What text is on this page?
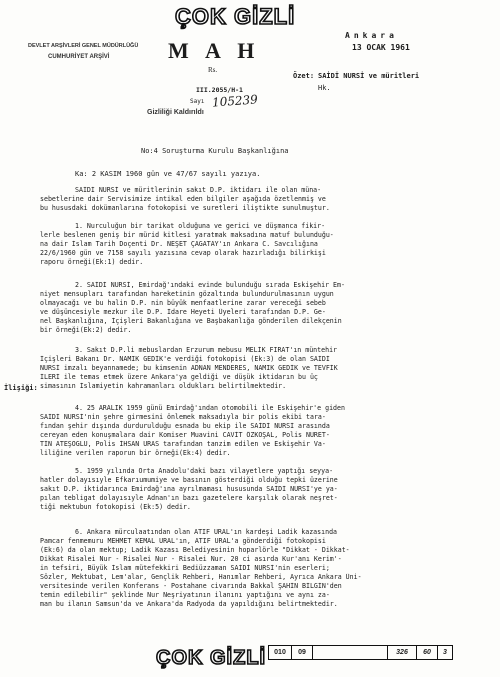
ÇOK GİZLİ
DEVLET ARŞİVLERİ GENEL MÜDÜRLÜĞÜ
CUMHURİYET ARŞİVİ	M A H
Rs.
Ankara
13 OCAK 1961
III.2055/H-1
Sayı 105239
Gizliliği Kaldırıldı
Özet: SAİDİ NURSİ ve müritleri
Hk.
No:4 Soruşturma Kurulu Başkanlığına
Ka: 2 KASIM 1960 gün ve 47/67 sayılı yazıya.
SAİDİ NURSİ ve müritlerinin sakıt D.P. iktidarı ile olan müna-
sebetlerine dair Servisimize intikal eden bilgiler aşağıda özetlenmiş ve
bu hususdaki dokümanlarına fotokopisi ve suretleri iliştikte sunulmuştur.
1. Nurculuğun bir tarikat olduğuna ve gerici ve düşmanca fikir-
lerle beslenen geniş bir mürid kitlesi yaratmak maksadına matuf bulunduğu-
na dair İslam Tarih Doçenti Dr. NEŞET ÇAĞATAY'ın Ankara C. Savcılığına
22/6/1960 gün ve 7158 sayılı yazısına cevap olarak hazırladığı bilirkişi
raporu örneği(Ek:1) dedir.
2. SAİDİ NURSİ, Emirdağ'ındaki evinde bulunduğu sırada Eskişehir Em-
niyet mensupları tarafından hareketinin gözaltında bulundurulmasının uygun
olmayacağı ve bu halin D.P. nin büyük menfaatlerine zarar vereceği sebeb
ve düşüncesiyle mezkur ile D.P. İdare Heyeti Üyeleri tarafından D.P. Ge-
nel Başkanlığına, İçişleri Bakanlığına ve Başbakanlığa gönderilen dilekçenin
bir örneği(Ek:2) dedir.
3. Sakıt D.P.li mebuslardan Erzurum mebusu MELİK FIRAT'ın müntehir
İçişleri Bakanı Dr. NAMIK GEDİK'e verdiği fotokopisi (Ek:3) de olan SAİDİ
NURSİ imzalı beyannamede; bu kimsenin ADNAN MENDERES, NAMIK GEDİK ve TEVFİK
İLERİ ile temas etmek üzere Ankara'ya geldiği ve düşük iktidarın bu üç
simasının İslamiyetin kahramanları oldukları belirtilmektedir.
İlişiği:
4. 25 ARALIK 1959 günü Emirdağ'ından otomobili ile Eskişehir'e giden
SAİDİ NURSİ'nin şehre girmesini önlemek maksadıyla bir polis ekibi tara-
fından şehir dışında durdurulduğu esnada bu ekip ile SAİDİ NURSİ arasında
cereyan eden konuşmalara dair Komiser Muavini CAVİT ÖZKOŞAL, Polis NURET-
TİN ATEŞOĞLU, Polis İHSAN URAS tarafından tanzim edilen ve Eskişehir Va-
liliğine verilen raporun bir örneği(Ek:4) dedir.
5. 1959 yılında Orta Anadolu'daki bazı vilayetlere yaptığı seyya-
hatler dolayısıyle Efkarıumumiye ve basının gösterdiği olduğu tepki üzerine
sakıt D.P. iktidarınca Emirdağ'ına ayrılmaması hususunda SAİDİ NURSİ'ye ya-
pılan tebligat dolayısıyle Adnan'ın bazı gazetelere karşılık olarak neşret-
tiği mektubun fotokopisi (Ek:5) dedir.
6. Ankara mürculaatından olan ATIF URAL'ın kardeşi Ladik kazasında
Pamcar fenmemuru MEHMET KEMAL URAL'ın, ATIF URAL'a gönderdiği fotokopisi
(Ek:6) da olan mektup; Ladik Kazası Belediyesinin hoparlörle "Dikkat - Dikkat-
Dikkat Risalei Nur - Risalei Nur - Risalei Nur. 20 ci asırda Kur'anı Kerim'-
in tefsiri, Büyük İslam mütefekkiri Bediüzzaman SAİDİ NURSİ'nin eserleri;
Sözler, Mektubat, Lem'alar, Gençlik Rehberi, Hanımlar Rehberi, Ayrıca Ankara Üni-
versitesinde verilen Konferans - Postahane civarında Bakkal ŞAHİN BİLGİN'den
temin edilebilir" şeklinde Nur Neşriyatının ilanını yaptığını ve aynı za-
man bu ilanın Samsun'da ve Ankara'da Radyoda da yapıldığını belirtmektedir.
010	09	326	60	3
ÇOK GİZLİ
